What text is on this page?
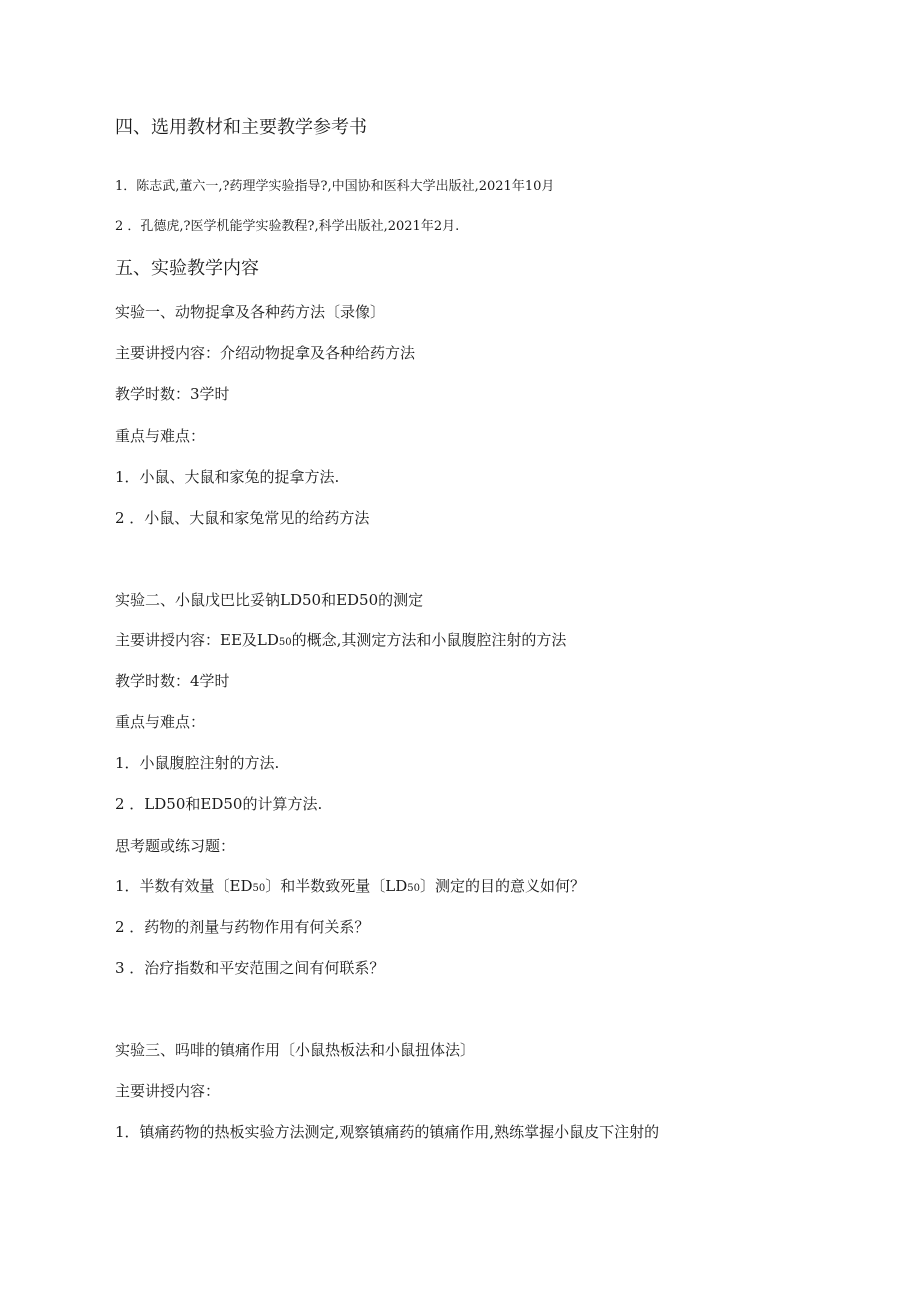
四、选用教材和主要教学参考书
1．陈志武,董六一,?药理学实验指导?,中国协和医科大学出版社,2021年10月
2 ．孔德虎,?医学机能学实验教程?,科学出版社,2021年2月.
五、实验教学内容
实验一、动物捉拿及各种药方法〔录像〕
主要讲授内容：介绍动物捉拿及各种给药方法
教学时数：3学时
重点与难点：
1．小鼠、大鼠和家兔的捉拿方法.
2 ．小鼠、大鼠和家兔常见的给药方法
实验二、小鼠戊巴比妥钠LD50和ED50的测定
主要讲授内容：EE及LD50的概念,其测定方法和小鼠腹腔注射的方法
教学时数：4学时
重点与难点：
1．小鼠腹腔注射的方法.
2 ．LD50和ED50的计算方法.
思考题或练习题：
1．半数有效量〔ED50〕和半数致死量〔LD50〕测定的目的意义如何？
2 ．药物的剂量与药物作用有何关系？
3 ．治疗指数和平安范围之间有何联系？
实验三、吗啡的镇痛作用〔小鼠热板法和小鼠扭体法〕
主要讲授内容：
1．镇痛药物的热板实验方法测定,观察镇痛药的镇痛作用,熟练掌握小鼠皮下注射的
